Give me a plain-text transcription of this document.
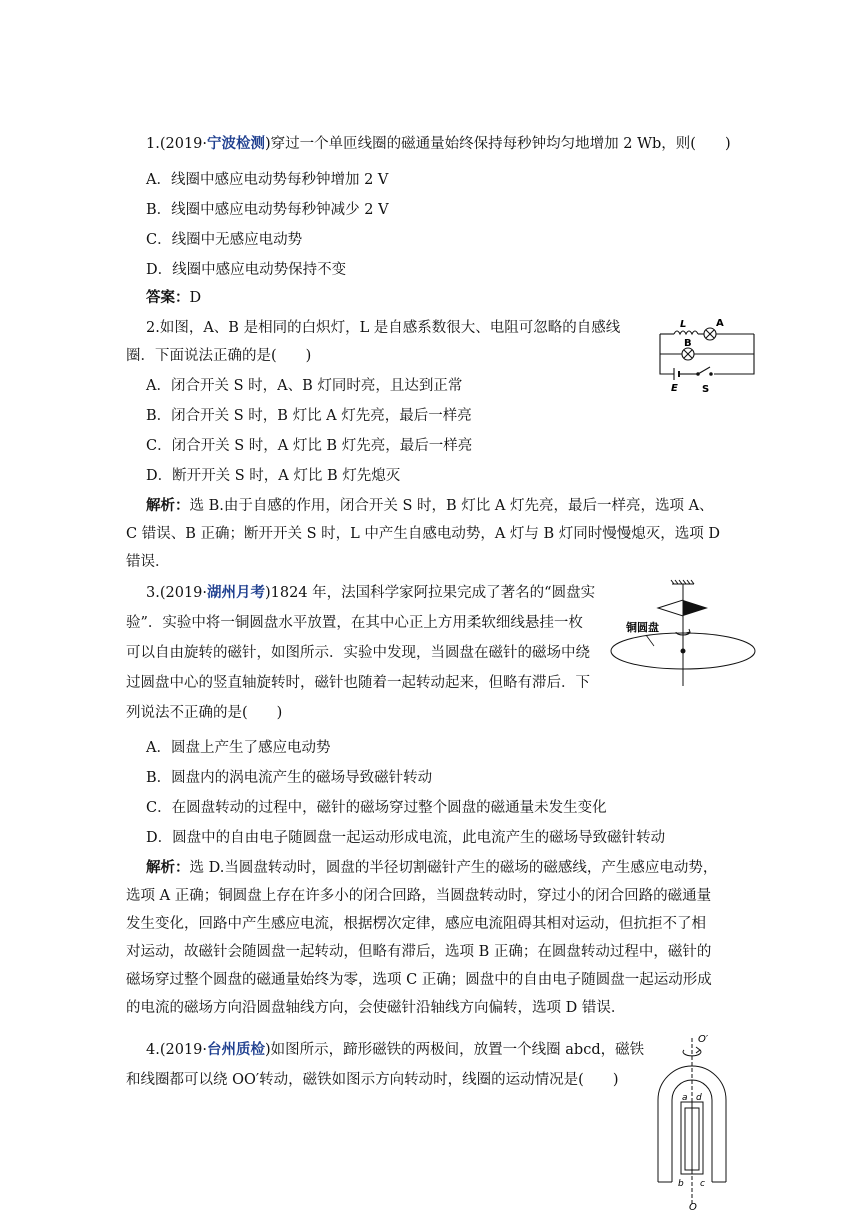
1.(2019·宁波检测)穿过一个单匝线圈的磁通量始终保持每秒钟均匀地增加 2 Wb，则(　　)
A．线圈中感应电动势每秒钟增加 2 V
B．线圈中感应电动势每秒钟减少 2 V
C．线圈中无感应电动势
D．线圈中感应电动势保持不变
答案：D
2.如图，A、B 是相同的白炽灯，L 是自感系数很大、电阻可忽略的自感线
圈．下面说法正确的是(　　)
A．闭合开关 S 时，A、B 灯同时亮，且达到正常
B．闭合开关 S 时，B 灯比 A 灯先亮，最后一样亮
C．闭合开关 S 时，A 灯比 B 灯先亮，最后一样亮
D．断开开关 S 时，A 灯比 B 灯先熄灭
解析：选 B.由于自感的作用，闭合开关 S 时，B 灯比 A 灯先亮，最后一样亮，选项 A、
C 错误、B 正确；断开开关 S 时，L 中产生自感电动势，A 灯与 B 灯同时慢慢熄灭，选项 D
错误．
L	A
B
E S
3.(2019·湖州月考)1824 年，法国科学家阿拉果完成了著名的“圆盘实
验”．实验中将一铜圆盘水平放置，在其中心正上方用柔软细线悬挂一枚
可以自由旋转的磁针，如图所示．实验中发现，当圆盘在磁针的磁场中绕
过圆盘中心的竖直轴旋转时，磁针也随着一起转动起来，但略有滞后．下
列说法不正确的是(　　)
A．圆盘上产生了感应电动势
B．圆盘内的涡电流产生的磁场导致磁针转动
C．在圆盘转动的过程中，磁针的磁场穿过整个圆盘的磁通量未发生变化
D．圆盘中的自由电子随圆盘一起运动形成电流，此电流产生的磁场导致磁针转动
解析：选 D.当圆盘转动时，圆盘的半径切割磁针产生的磁场的磁感线，产生感应电动势，
选项 A 正确；铜圆盘上存在许多小的闭合回路，当圆盘转动时，穿过小的闭合回路的磁通量
发生变化，回路中产生感应电流，根据楞次定律，感应电流阻碍其相对运动，但抗拒不了相
对运动，故磁针会随圆盘一起转动，但略有滞后，选项 B 正确；在圆盘转动过程中，磁针的
磁场穿过整个圆盘的磁通量始终为零，选项 C 正确；圆盘中的自由电子随圆盘一起运动形成
的电流的磁场方向沿圆盘轴线方向，会使磁针沿轴线方向偏转，选项 D 错误．
铜圆盘
4.(2019·台州质检)如图所示，蹄形磁铁的两极间，放置一个线圈 abcd，磁铁
和线圈都可以绕 OO′转动，磁铁如图示方向转动时，线圈的运动情况是(　　)
O′
O
a d
b c
